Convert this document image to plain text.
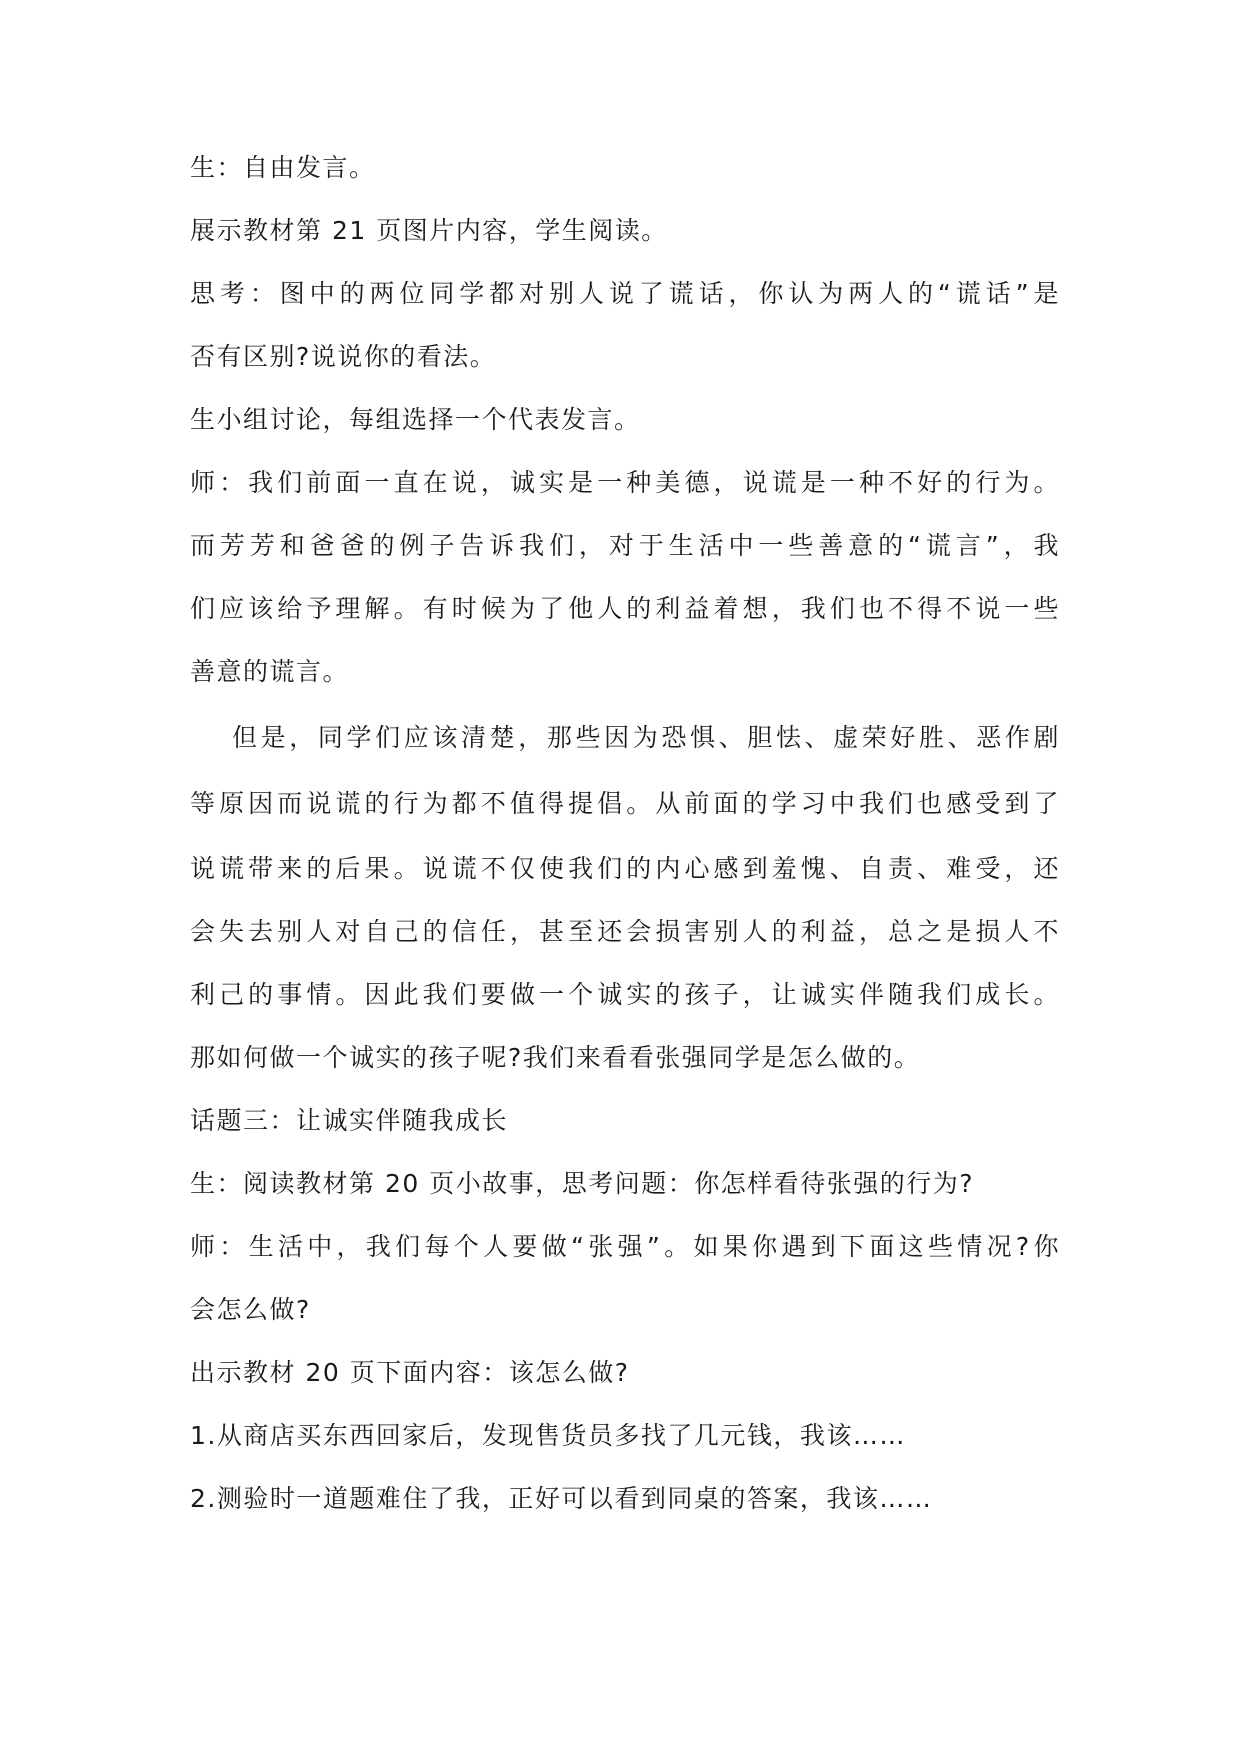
生：自由发言。
展示教材第 21 页图片内容，学生阅读。
思考：图中的两位同学都对别人说了谎话，你认为两人的“谎话”是
否有区别?说说你的看法。
生小组讨论，每组选择一个代表发言。
师：我们前面一直在说，诚实是一种美德，说谎是一种不好的行为。
而芳芳和爸爸的例子告诉我们，对于生活中一些善意的“谎言”，我
们应该给予理解。有时候为了他人的利益着想，我们也不得不说一些
善意的谎言。
但是，同学们应该清楚，那些因为恐惧、胆怯、虚荣好胜、恶作剧
等原因而说谎的行为都不值得提倡。从前面的学习中我们也感受到了
说谎带来的后果。说谎不仅使我们的内心感到羞愧、自责、难受，还
会失去别人对自己的信任，甚至还会损害别人的利益，总之是损人不
利己的事情。因此我们要做一个诚实的孩子，让诚实伴随我们成长。
那如何做一个诚实的孩子呢?我们来看看张强同学是怎么做的。
话题三：让诚实伴随我成长
生：阅读教材第 20 页小故事，思考问题：你怎样看待张强的行为?
师：生活中，我们每个人要做“张强”。如果你遇到下面这些情况?你
会怎么做?
出示教材 20 页下面内容：该怎么做?
1.从商店买东西回家后，发现售货员多找了几元钱，我该……
2.测验时一道题难住了我，正好可以看到同桌的答案，我该……
